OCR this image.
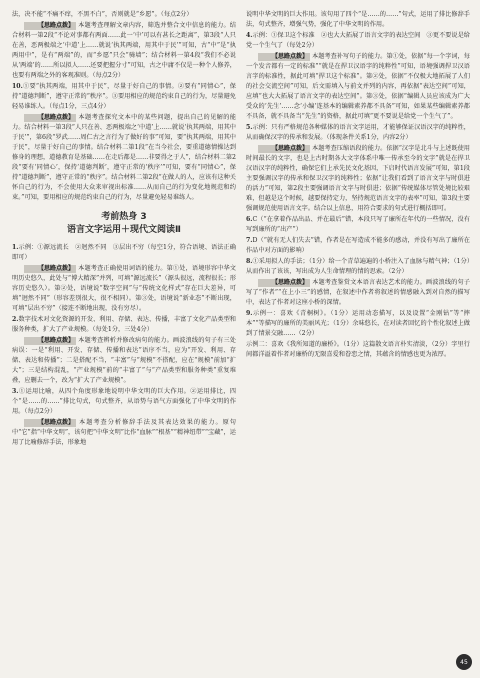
法，决不能“不痛不痒，不黑不白”，否则就是“乡愿”。（每点2分）

【思路点拨】 本题考查理解文章内容，筛选并整合文中信息的能力。结合材料一第2段“不论对事都有两面……此一‘中’可以有甚长之距离”，第3段“人只在善，恶两极端之‘中道’上……就说‘执其两端，用其中于民’”可知，古“中”是“执两用中”，是有“两端”的，而“乡愿”只会“骑墙”；结合材料一第4段“我们不必说从‘两端’的……所以拟人……还要把握分寸”可知，古之中庸不仅是一种个人修养，也要有两端之外的客观准则。（每点2分）

10.①要“执其两端，用其中于民”，尽量于好自己的事情。②要有“同情心”，保持“道德判断”，遵守正常的“秩序”。③要用相应的规范约束自己的行为，尽量避免轻易谁练人。（每点1分，三点4分）

【思路点拨】 本题考查探究文本中的某些问题，提出自己的见解的能力。结合材料一第3段“人只在善、恶两极端之‘中道’上……就说‘执其两端，用其中于民’”，第6段“罗武……周仁古之言行为了做好的事”可知，要“执其两端，用其中于民”，尽量于好自己的事情。结合材料二第1段“在当今社会，要重道德情操达到修身的理想，道德教育是基础……在走后都是……非要得之于人”，结合材料二第2段“要有‘同情心’，保持‘道德判断’，遵守正常的‘秩序’”可知，要有“同情心”，保持“道德判断”，遵守正常的“秩序”。结合材料二第2段“在做人的人，应该有这种关怀自己的行为，不会使用大众来审视出标准……从而自己的行为变化地规范和约束。”可知，要用相应的规范约束自己的行为，尽量避免轻易谁练人。

考前热身 3
语言文字运用＋现代文阅读Ⅱ

1.示例：①源远流长　②迥然不同　③层出不穷（每空1分，符合语境、语法正确即可）

【思路点拨】 本题考查正确使用词语的能力。第①处，语境形容中华文明历史悠久，此处与“博大精深”并列，可填“源远流长”（源头很远，流程很长；形容历史悠久）。第②处，语境说“数字空间”与“传统文化样式”存在巨大差异，可填“迥然不同”（形容差别很大，很不相同）。第③处，语境说“新业态”不断出现，可填“层出不穷”（接连不断地出现，没有穷尽）。

2.数字技术对文化资源的开发、利用、存储、表达、传播，丰富了文化产品类型和服务种类，扩大了产业规模。（每处1分，三处4分）

【思路点拨】 本题考查辨析并修改病句的能力。画波浪线的句子有三处病误：一是“利用、开发、存储、传播和表达”语序不当，应为“开发、利用、存储、表达和传播”；二是搭配不当，“丰富”与“规模”不搭配，应在“规模”前加“扩大”；三是结构混乱，“产业规模”前的“丰富了”与“产品类型和服务种类”重复堆叠，应删去一个，改为“扩大了产业规模”。

3.①运用比喻，从四个角度形象地说明中华文明的巨大作用。②运用排比，四个“是……的……”排比句式，句式整齐，从语势与语气方面强化了中华文明的作用。（每点2分）

【思路点拨】 本题考查分析修辞手法及其表达效果的能力。原句中“它”指“中华文明”，该句把“中华文明”比作“血脉”“根基”“精神纽带”“宝藏”，运用了比喻修辞手法，形象地

说明中华文明的巨大作用。该句用了四个“是……的……”句式，运用了排比修辞手法，句式整齐，增强气势，强化了中华文明的作用。

4.示例：①保卫这个标准　②也大大拓展了语言文字的表达空间　③更不要说是给党一个生气了（每处2分）

【思路点拨】 本题考查补写句子的能力。第①处，依据“每一个字词，每一个发音都有一定的标准”“就是在捍卫汉语字的纯粹性”可知，语境强调捍卫汉语言字的标准性，据此可填“捍卫这个标准”。第②处，依据“不仅极大地拓展了人们的社会交流空间”可知，后文需填入与前文并列的内容，再依据“表达空间”可知，应填“也大大拓展了语言文字的表达空间”。第③处，依据“编辑人员应该成为广大受众的‘先生’……念‘小编’连基本的编辑素养都不具备”可知，如果某些编辑素养都不具备，就不具备当“先生”的资格，据此可填“更不要说是给党一个生气了”。

5.示例：只有严格规范各种媒体的语言文字运用，才能够保证汉语汉字的纯粹性，从而确保汉字的传承和发展。（体现条件关系1分，内容2分）

【思路点拨】 本题考查压缩语段的能力。依据“汉字是北斗与上述既使用时间最长的文字，也是上古时期各大文字体系中唯一传承至今的文字”就是在捍卫汉语汉字的纯粹性，确保它们上承先民文化基因，下启时代语言发展”可知，第1段主要强调汉字的传承和保卫汉字的纯粹性；依据“让我们看到了语言文字与时俱进的活力”可知，第2段主要强调语言文字与时俱进；依据“传统媒体尽管处境比较艰难，但越是这个时候，越要保持定力，坚持规范语言文字的表率”可知，第3段主要强调规范使用语言文字。结合以上信息，用符合要求的句式进行概括即可。

6.C（“在拿着作品出品、并在最后”错，本段只写了廉所在年代的一些情况，没有写到廉所的“出产”）

7.D（“就有无人们失去”错，作者是在写造成不能多的感动，并没有写出了廉所在作品中对方面的影响）

8.①采用拟人的手法；（1分）给一个青草遍遍的小桥注入了血脉与精气神；（1分）从而作出了该该，写出成为人生命情理的情的思索。（2分）

【思路点拨】 本题考查鉴赏文本语言表达艺术的能力。画波浪线的句子写了“作者”“在上小三”的感情，在叙述中作者将叙述的情感融入到对自然的描写中，表达了作者对这座小桥的深情。

9.示例一：喜欢《青桐树》。（1分）运用动态描写，以及设置“金刚钻”等“摔本”“等描写的廉所的美丽风光；（1分）余味悠长，在对读者回忆的个性化叙述上做到了情景交融……（2分）

示例二：喜欢《我所知道的廉桥》。（1分）这篇散文语言朴实清淡，（2分）字里行间都洋溢着作者对廉桥的无限喜爱和眷恋之情，其蕴含的情感也更为浓厚。

45
